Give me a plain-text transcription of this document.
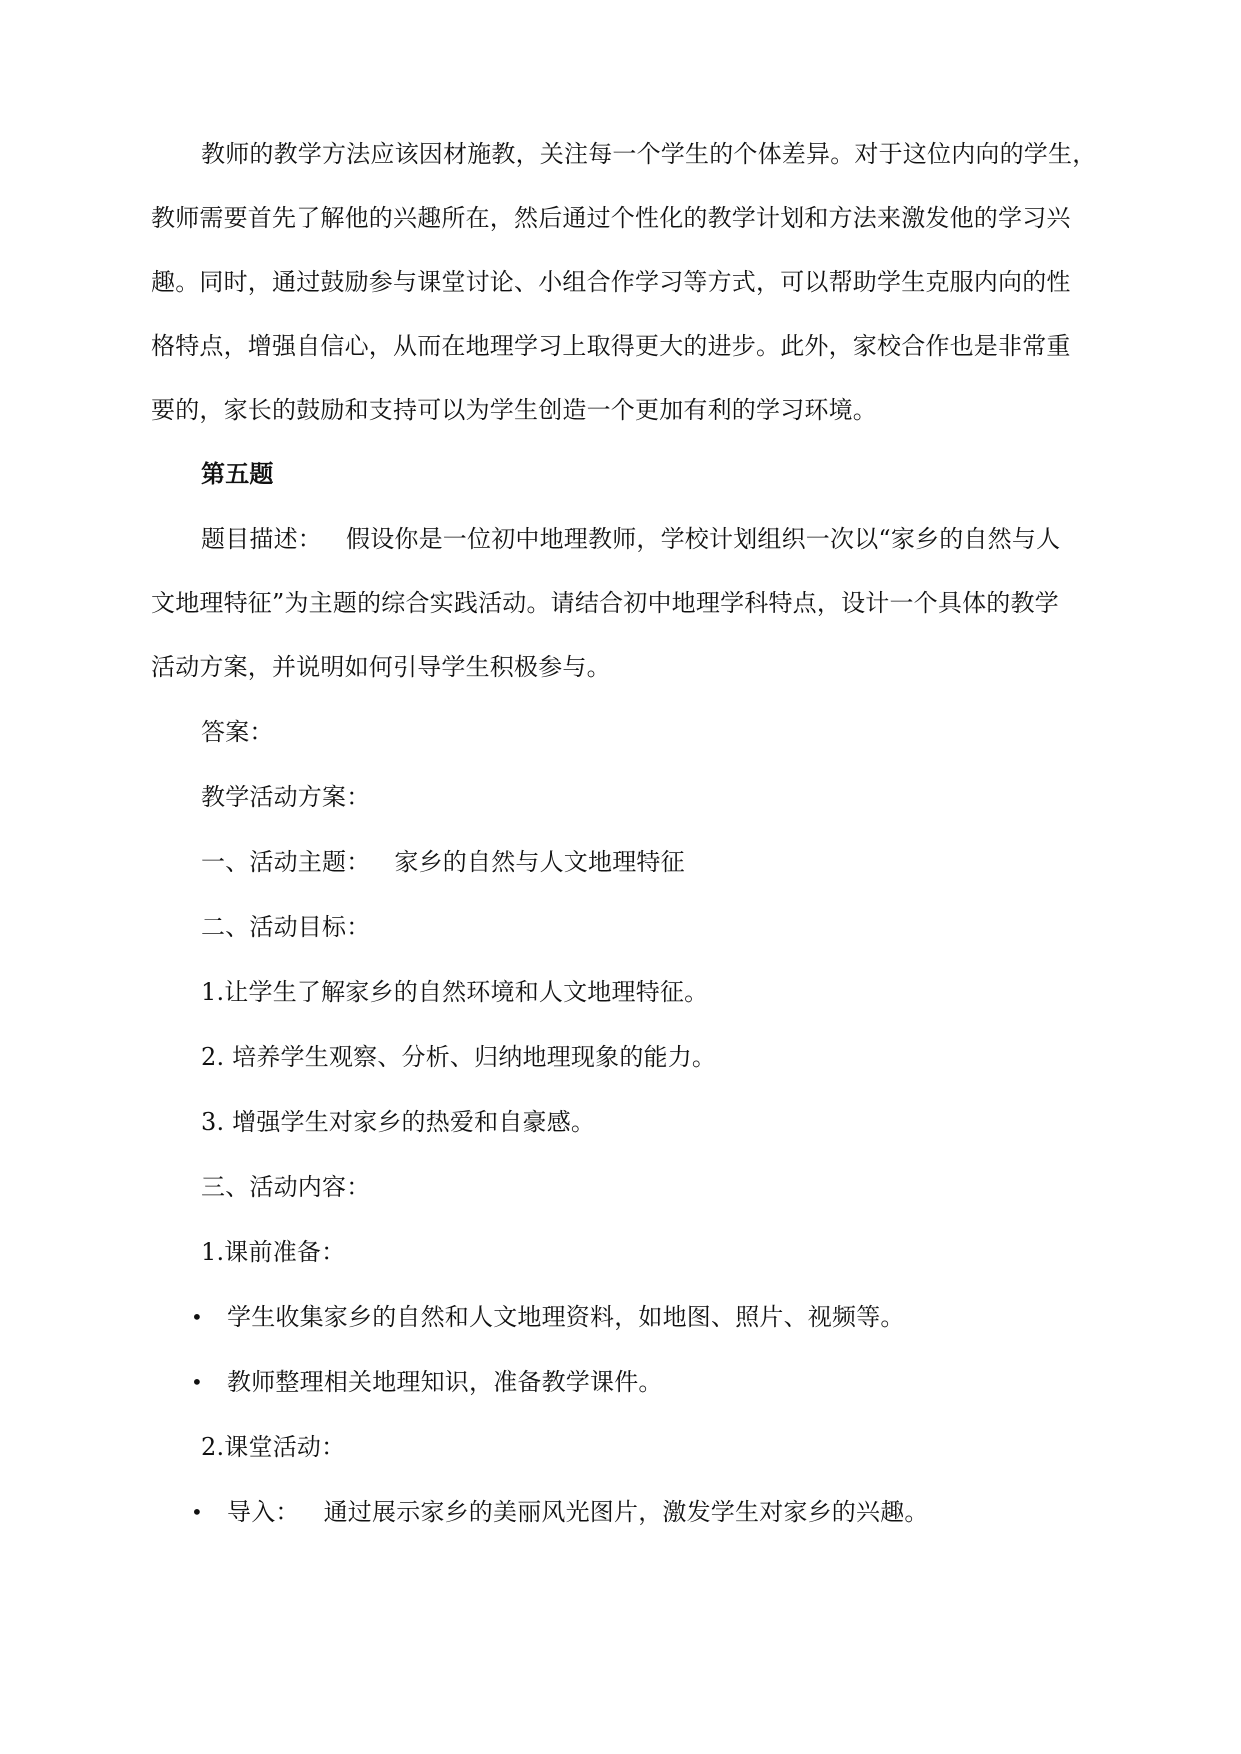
教师的教学方法应该因材施教，关注每一个学生的个体差异。对于这位内向的学生，

教师需要首先了解他的兴趣所在，然后通过个性化的教学计划和方法来激发他的学习兴

趣。同时，通过鼓励参与课堂讨论、小组合作学习等方式，可以帮助学生克服内向的性

格特点，增强自信心，从而在地理学习上取得更大的进步。此外，家校合作也是非常重

要的，家长的鼓励和支持可以为学生创造一个更加有利的学习环境。

第五题

题目描述： 假设你是一位初中地理教师，学校计划组织一次以“家乡的自然与人

文地理特征”为主题的综合实践活动。请结合初中地理学科特点，设计一个具体的教学

活动方案，并说明如何引导学生积极参与。

答案：

教学活动方案：

一、活动主题： 家乡的自然与人文地理特征

二、活动目标：

1.让学生了解家乡的自然环境和人文地理特征。

2. 培养学生观察、分析、归纳地理现象的能力。

3. 增强学生对家乡的热爱和自豪感。

三、活动内容：

1.课前准备：

• 学生收集家乡的自然和人文地理资料，如地图、照片、视频等。

• 教师整理相关地理知识，准备教学课件。

2.课堂活动：

• 导入： 通过展示家乡的美丽风光图片，激发学生对家乡的兴趣。
